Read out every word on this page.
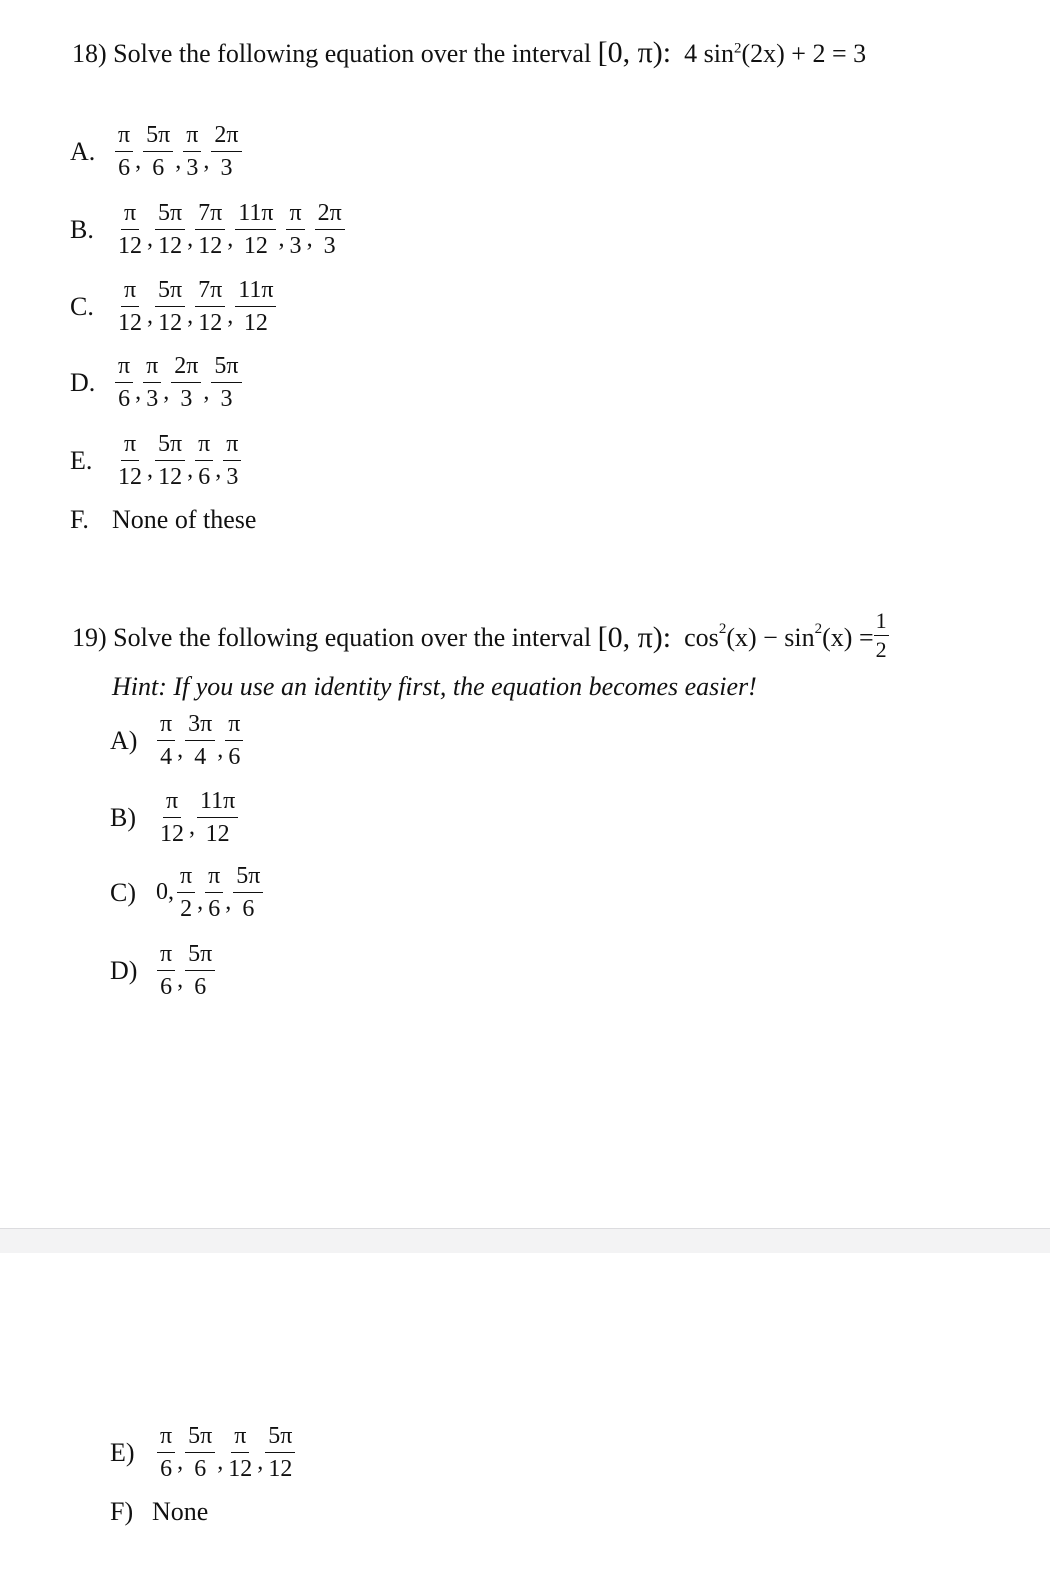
18) Solve the following equation over the interval [0, π): 4 $\sin^2(2x) + 2 = 3$
A. $\frac{\pi}{6}$ , $\frac{5\pi}{6}$ , $\frac{\pi}{3}$ , $\frac{2\pi}{3}$
B. $\frac{\pi}{12}$ , $\frac{5\pi}{12}$ , $\frac{7\pi}{12}$ , $\frac{11\pi}{12}$ , $\frac{\pi}{3}$ , $\frac{2\pi}{3}$
C. $\frac{\pi}{12}$ , $\frac{5\pi}{12}$ , $\frac{7\pi}{12}$ , $\frac{11\pi}{12}$
D. $\frac{\pi}{6}$ , $\frac{\pi}{3}$ , $\frac{2\pi}{3}$ , $\frac{5\pi}{3}$
E. $\frac{\pi}{12}$ , $\frac{5\pi}{12}$ , $\frac{\pi}{6}$ , $\frac{\pi}{3}$
F. None of these
19)
Solve the following equation over the interval
[0, π):
$\cos^2 (x) - \sin^2 (x) = \frac{1}{2}$
Hint: If you use an identity first, the equation becomes easier!
$A) \frac{\pi}{4}$ , $\frac{3\pi}{4}$ , $\frac{\pi}{6}$
$B) \frac{\pi}{12}$ , $\frac{11\pi}{12}$
C) 0, $\frac{\pi}{2}$ , $\frac{\pi}{6}$ , $\frac{5\pi}{6}$
$D) \frac{\pi}{6}$ , $\frac{5\pi}{6}$
$E) \frac{\pi}{6}$ , $\frac{5\pi}{6}$ , $\frac{\pi}{12}$ , $\frac{5\pi}{12}$
F) None
